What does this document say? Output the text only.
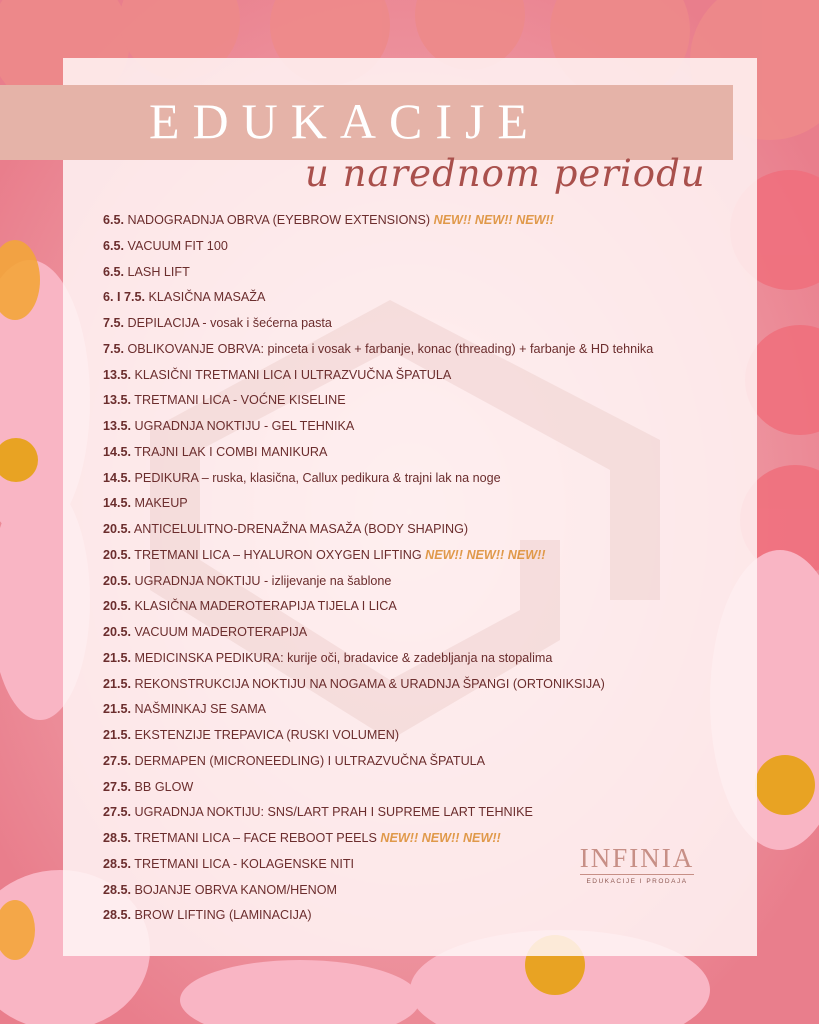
EDUKACIJE
u narednom periodu
6.5. NADOGRADNJA OBRVA (EYEBROW EXTENSIONS) NEW!! NEW!! NEW!!
6.5. VACUUM FIT 100
6.5. LASH LIFT
6. I 7.5. KLASIČNA MASAŽA
7.5. DEPILACIJA - vosak i šećerna pasta
7.5. OBLIKOVANJE OBRVA: pinceta i vosak + farbanje, konac (threading) + farbanje & HD tehnika
13.5. KLASIČNI TRETMANI LICA I ULTRAZVUČNA ŠPATULA
13.5. TRETMANI LICA - VOĆNE KISELINE
13.5. UGRADNJA NOKTIJU - GEL TEHNIKA
14.5. TRAJNI LAK I COMBI MANIKURA
14.5. PEDIKURA – ruska, klasična, Callux pedikura & trajni lak na noge
14.5. MAKEUP
20.5. ANTICELULITNO-DRENAŽNA MASAŽA (BODY SHAPING)
20.5. TRETMANI LICA – HYALURON OXYGEN LIFTING NEW!! NEW!! NEW!!
20.5. UGRADNJA NOKTIJU - izlijevanje na šablone
20.5. KLASIČNA MADEROTERAPIJA TIJELA I LICA
20.5. VACUUM MADEROTERAPIJA
21.5. MEDICINSKA PEDIKURA: kurije oči, bradavice & zadebljanja na stopalima
21.5. REKONSTRUKCIJA NOKTIJU NA NOGAMA & URADNJA ŠPANGI (ORTONIKSIJA)
21.5. NAŠMINKAJ SE SAMA
21.5. EKSTENZIJE TREPAVICA (RUSKI VOLUMEN)
27.5. DERMAPEN (MICRONEEDLING) I ULTRAZVUČNA ŠPATULA
27.5. BB GLOW
27.5. UGRADNJA NOKTIJU: SNS/LART PRAH I SUPREME LART TEHNIKE
28.5. TRETMANI LICA – FACE REBOOT PEELS NEW!! NEW!! NEW!!
28.5. TRETMANI LICA - KOLAGENSKE NITI
28.5. BOJANJE OBRVA KANOM/HENOM
28.5. BROW LIFTING (LAMINACIJA)
INFINIA
EDUKACIJE I PRODAJA
